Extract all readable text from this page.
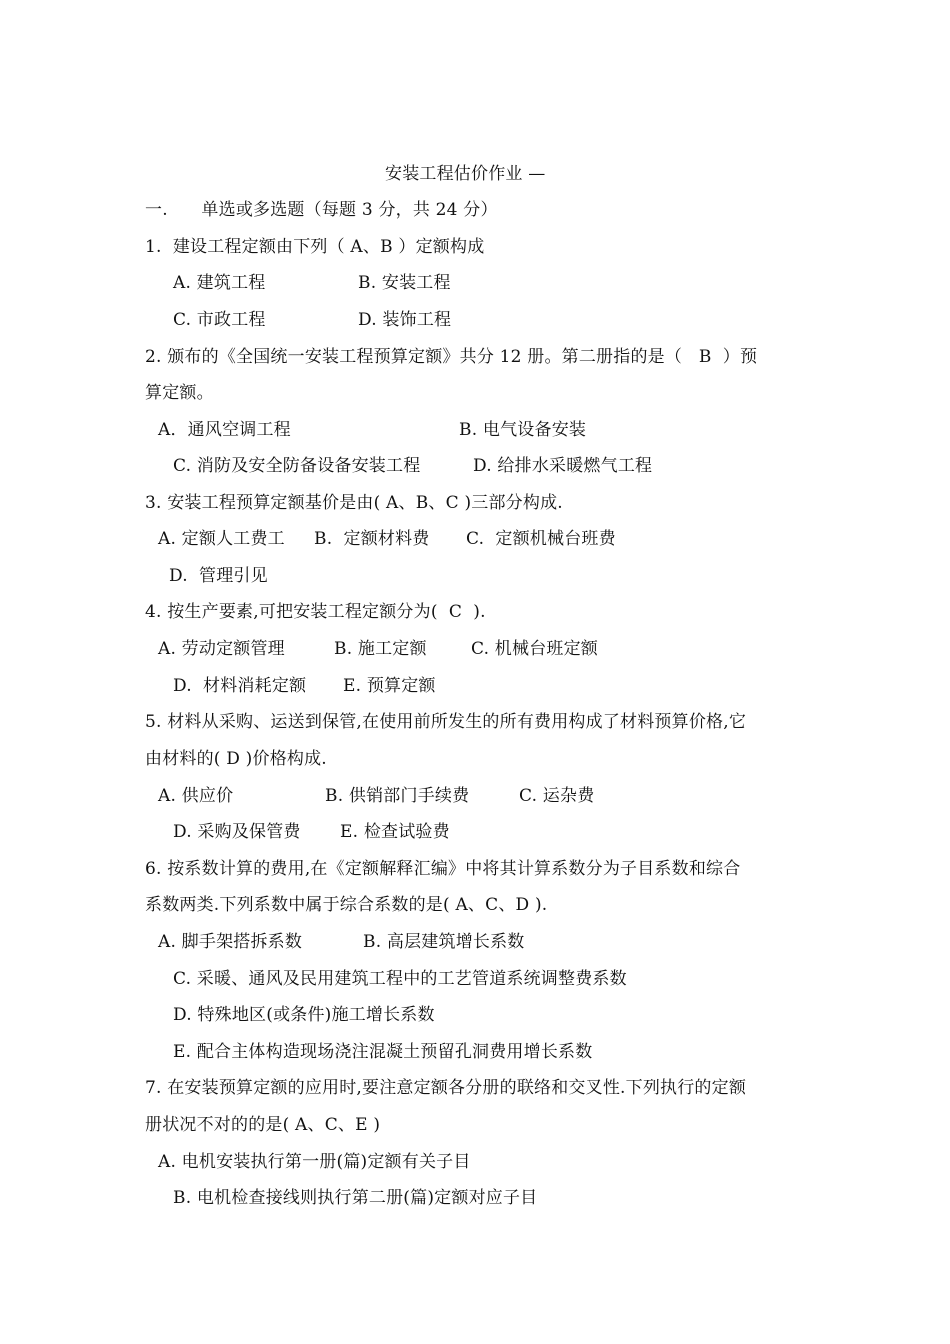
安装工程估价作业 —
一.      单选或多选题（每题 3 分，共 24 分）
1.  建设工程定额由下列（ A、B ）定额构成
A. 建筑工程	B. 安装工程
C. 市政工程	D. 装饰工程
2. 颁布的《全国统一安装工程预算定额》共分 12 册。第二册指的是（   B  ）预
算定额。
A．通风空调工程	B. 电气设备安装
C. 消防及安全防备设备安装工程	D. 给排水采暖燃气工程
3. 安装工程预算定额基价是由( A、B、C )三部分构成.
A. 定额人工费工 B.  定额材料费 C.  定额机械台班费
D.  管理引见
4. 按生产要素,可把安装工程定额分为(  C  ).
A. 劳动定额管理	B. 施工定额	C. 机械台班定额
D.  材料消耗定额 E. 预算定额
5. 材料从采购、运送到保管,在使用前所发生的所有费用构成了材料预算价格,它
由材料的( D )价格构成.
A. 供应价	B. 供销部门手续费	C. 运杂费
D. 采购及保管费 E. 检查试验费
6. 按系数计算的费用,在《定额解释汇编》中将其计算系数分为子目系数和综合
系数两类.下列系数中属于综合系数的是( A、C、D ).
A. 脚手架搭拆系数	B. 高层建筑增长系数
C. 采暖、通风及民用建筑工程中的工艺管道系统调整费系数
D. 特殊地区(或条件)施工增长系数
E. 配合主体构造现场浇注混凝土预留孔洞费用增长系数
7. 在安装预算定额的应用时,要注意定额各分册的联络和交叉性.下列执行的定额
册状况不对的的是( A、C、E )
A. 电机安装执行第一册(篇)定额有关子目
B. 电机检查接线则执行第二册(篇)定额对应子目
